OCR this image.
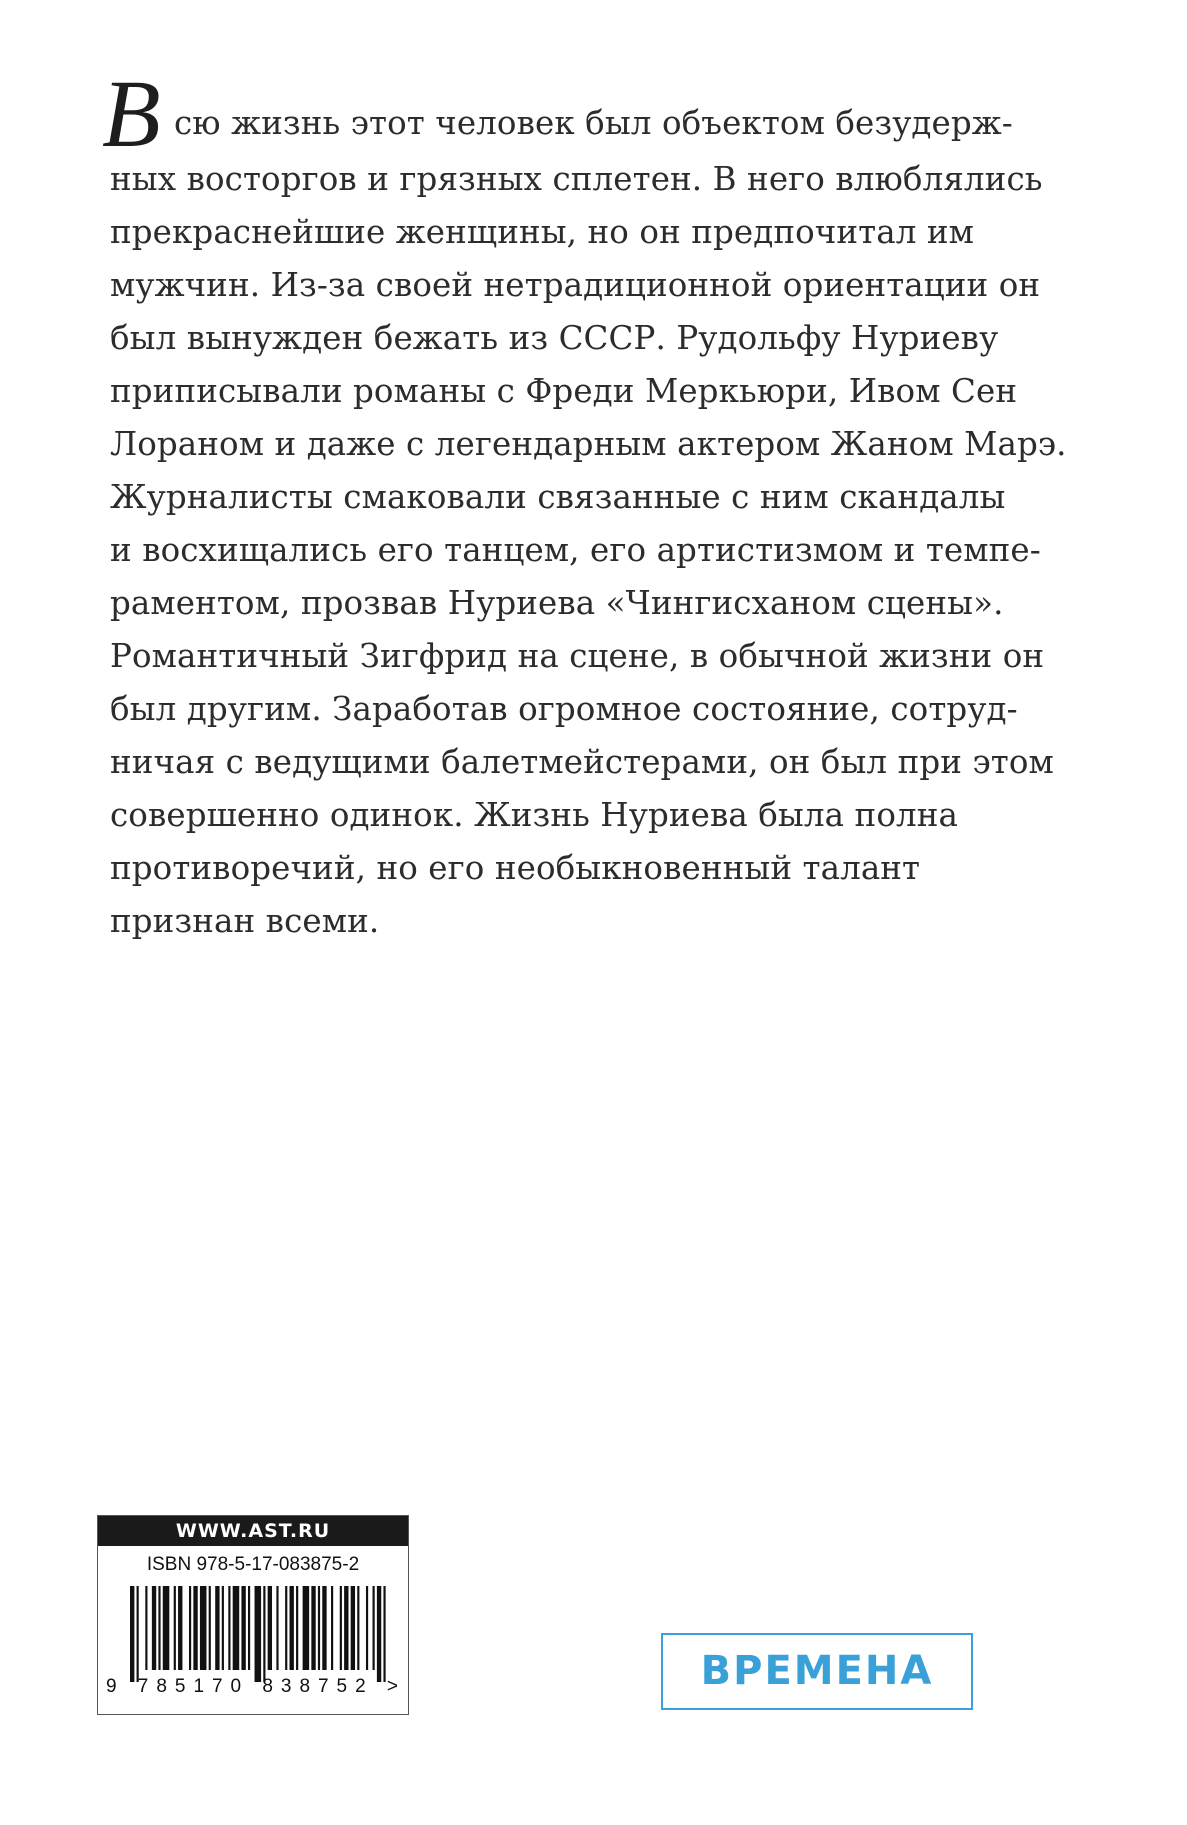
В сю жизнь этот человек был объектом безудерж-
ных восторгов и грязных сплетен. В него влюблялись
прекраснейшие женщины, но он предпочитал им
мужчин. Из-за своей нетрадиционной ориентации он
был вынужден бежать из СССР. Рудольфу Нуриеву
приписывали романы с Фреди Меркьюри, Ивом Сен
Лораном и даже с легендарным актером Жаном Марэ.
Журналисты смаковали связанные с ним скандалы
и восхищались его танцем, его артистизмом и темпе-
раментом, прозвав Нуриева «Чингисханом сцены».
Романтичный Зигфрид на сцене, в обычной жизни он
был другим. Заработав огромное состояние, сотруд-
ничая с ведущими балетмейстерами, он был при этом
совершенно одинок. Жизнь Нуриева была полна
противоречий, но его необыкновенный талант
признан всеми.
WWW.AST.RU
ISBN 978-5-17-083875-2
9 785170 838752 >	ВРЕМЕНА
